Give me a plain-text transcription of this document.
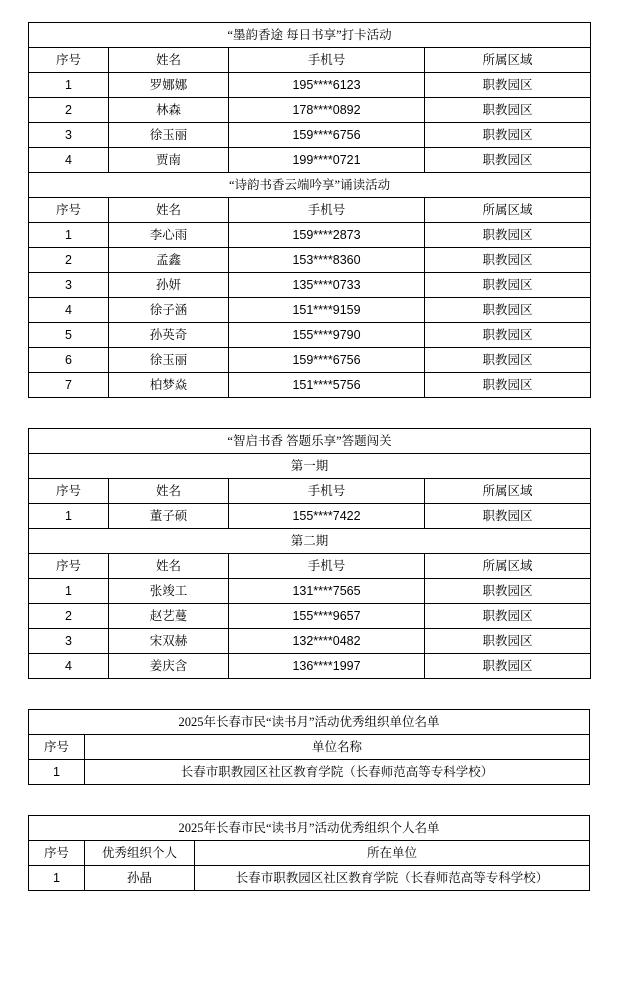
“墨韵香途 每日书享”打卡活动			
序号	姓名	手机号	所属区域
1	罗娜娜	195****6123	职教园区
2	林森	178****0892	职教园区
3	徐玉丽	159****6756	职教园区
4	贾南	199****0721	职教园区
“诗韵书香云端吟享”诵读活动			
序号	姓名	手机号	所属区域
1	李心雨	159****2873	职教园区
2	孟鑫	153****8360	职教园区
3	孙妍	135****0733	职教园区
4	徐子涵	151****9159	职教园区
5	孙英奇	155****9790	职教园区
6	徐玉丽	159****6756	职教园区
7	柏梦焱	151****5756	职教园区
“智启书香 答题乐享”答题闯关			
第一期			
序号	姓名	手机号	所属区域
1	董子硕	155****7422	职教园区
第二期			
序号	姓名	手机号	所属区域
1	张竣工	131****7565	职教园区
2	赵艺蔓	155****9657	职教园区
3	宋双赫	132****0482	职教园区
4	姜庆含	136****1997	职教园区
2025年长春市民“读书月”活动优秀组织单位名单	
序号	单位名称
1	长春市职教园区社区教育学院（长春师范高等专科学校）
2025年长春市民“读书月”活动优秀组织个人名单		
序号	优秀组织个人	所在单位
1	孙晶	长春市职教园区社区教育学院（长春师范高等专科学校）
